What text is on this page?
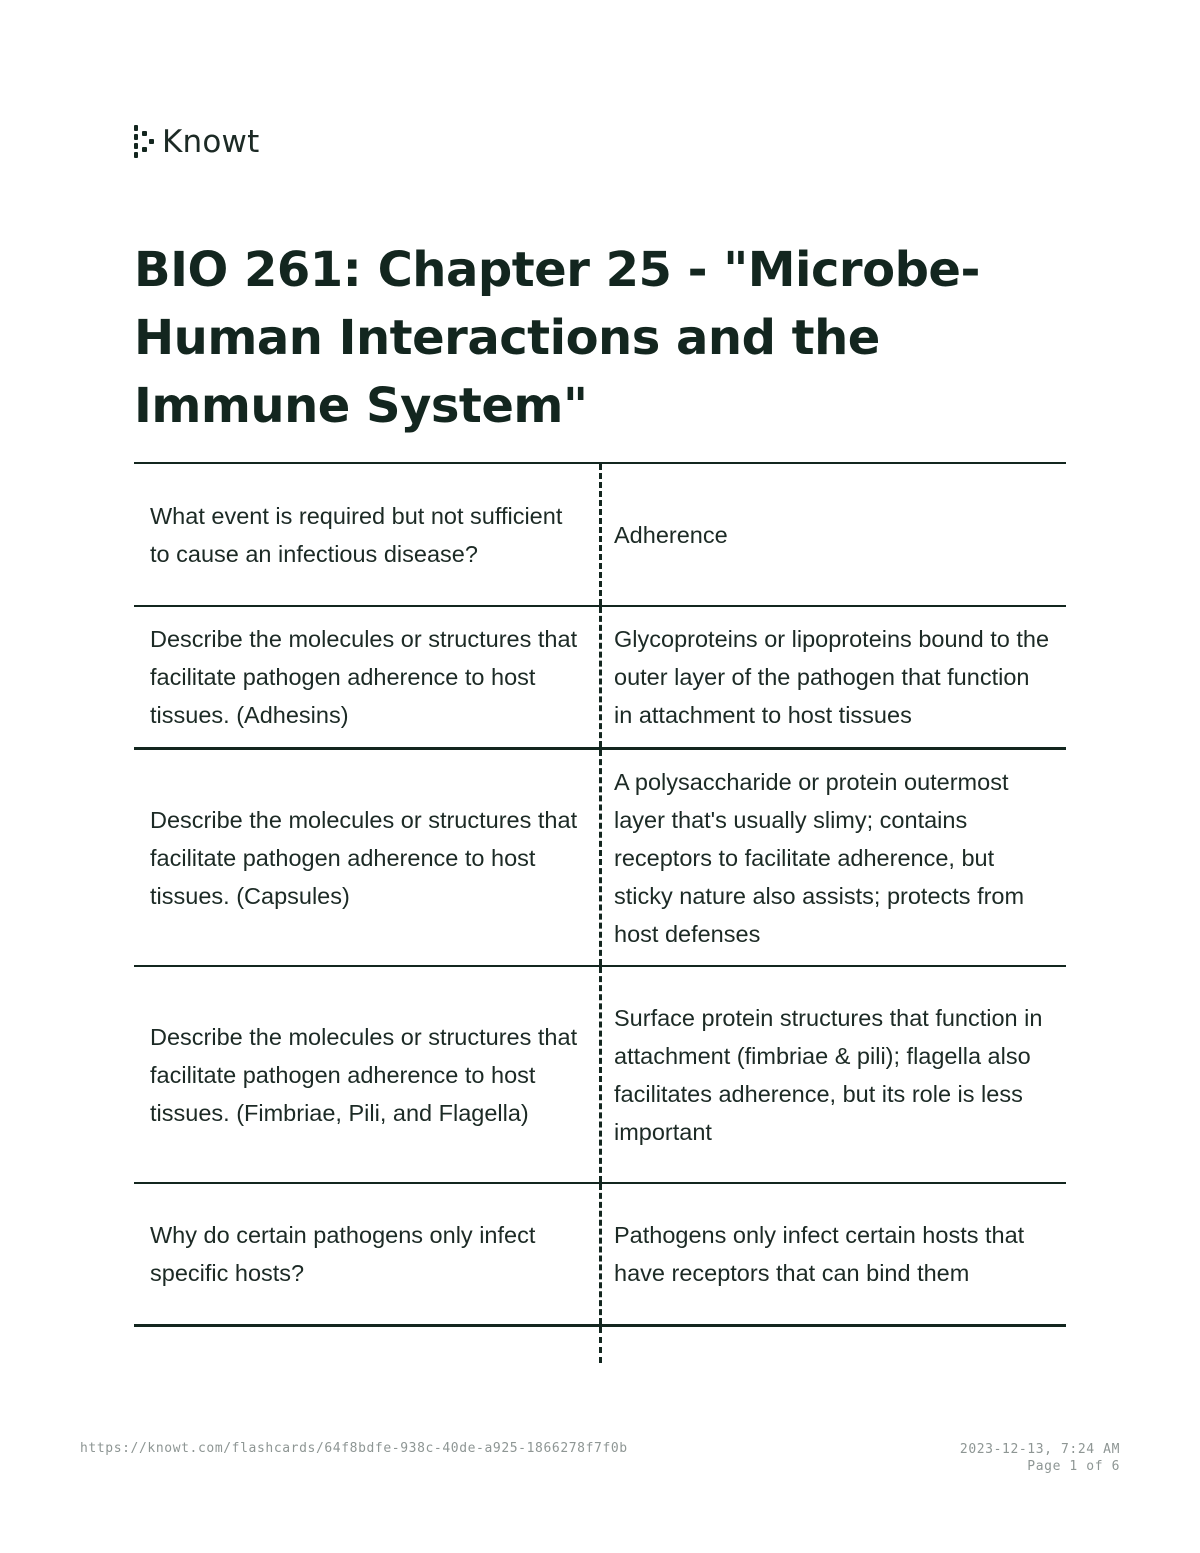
Knowt
BIO 261: Chapter 25 - "Microbe-Human Interactions and the Immune System"
What event is required but not sufficient to cause an infectious disease?
Adherence
Describe the molecules or structures that facilitate pathogen adherence to host tissues. (Adhesins)
Glycoproteins or lipoproteins bound to the outer layer of the pathogen that function in attachment to host tissues
Describe the molecules or structures that facilitate pathogen adherence to host tissues. (Capsules)
A polysaccharide or protein outermost layer that's usually slimy; contains receptors to facilitate adherence, but sticky nature also assists; protects from host defenses
Describe the molecules or structures that facilitate pathogen adherence to host tissues. (Fimbriae, Pili, and Flagella)
Surface protein structures that function in attachment (fimbriae & pili); flagella also facilitates adherence, but its role is less important
Why do certain pathogens only infect specific hosts?
Pathogens only infect certain hosts that have receptors that can bind them
https://knowt.com/flashcards/64f8bdfe-938c-40de-a925-1866278f7f0b	2023-12-13, 7:24 AM
Page 1 of 6
